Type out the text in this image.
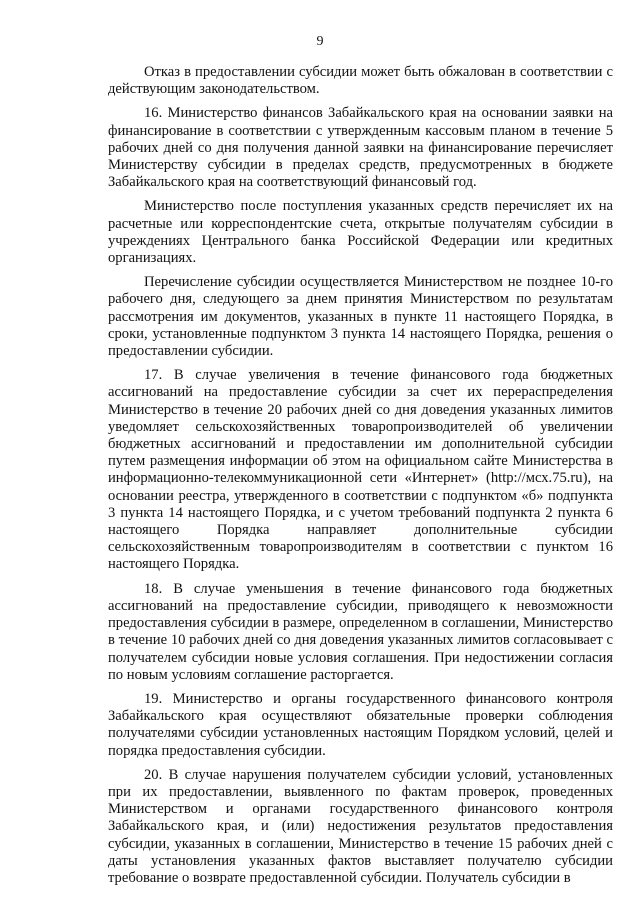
9

Отказ в предоставлении субсидии может быть обжалован в соответствии с действующим законодательством.

16. Министерство финансов Забайкальского края на основании заявки на финансирование в соответствии с утвержденным кассовым планом в течение 5 рабочих дней со дня получения данной заявки на финансирование перечисляет Министерству субсидии в пределах средств, предусмотренных в бюджете Забайкальского края на соответствующий финансовый год.

Министерство после поступления указанных средств перечисляет их на расчетные или корреспондентские счета, открытые получателям субсидии в учреждениях Центрального банка Российской Федерации или кредитных организациях.

Перечисление субсидии осуществляется Министерством не позднее 10-го рабочего дня, следующего за днем принятия Министерством по результатам рассмотрения им документов, указанных в пункте 11 настоящего Порядка, в сроки, установленные подпунктом 3 пункта 14 настоящего Порядка, решения о предоставлении субсидии.

17. В случае увеличения в течение финансового года бюджетных ассигнований на предоставление субсидии за счет их перераспределения Министерство в течение 20 рабочих дней со дня доведения указанных лимитов уведомляет сельскохозяйственных товаропроизводителей об увеличении бюджетных ассигнований и предоставлении им дополнительной субсидии путем размещения информации об этом на официальном сайте Министерства в информационно-телекоммуникационной сети «Интернет» (http://мсх.75.ru), на основании реестра, утвержденного в соответствии с подпунктом «б» подпункта 3 пункта 14 настоящего Порядка, и с учетом требований подпункта 2 пункта 6 настоящего Порядка направляет дополнительные субсидии сельскохозяйственным товаропроизводителям в соответствии с пунктом 16 настоящего Порядка.

18. В случае уменьшения в течение финансового года бюджетных ассигнований на предоставление субсидии, приводящего к невозможности предоставления субсидии в размере, определенном в соглашении, Министерство в течение 10 рабочих дней со дня доведения указанных лимитов согласовывает с получателем субсидии новые условия соглашения. При недостижении согласия по новым условиям соглашение расторгается.

19. Министерство и органы государственного финансового контроля Забайкальского края осуществляют обязательные проверки соблюдения получателями субсидии установленных настоящим Порядком условий, целей и порядка предоставления субсидии.

20. В случае нарушения получателем субсидии условий, установленных при их предоставлении, выявленного по фактам проверок, проведенных Министерством и органами государственного финансового контроля Забайкальского края, и (или) недостижения результатов предоставления субсидии, указанных в соглашении, Министерство в течение 15 рабочих дней с даты установления указанных фактов выставляет получателю субсидии требование о возврате предоставленной субсидии. Получатель субсидии в
